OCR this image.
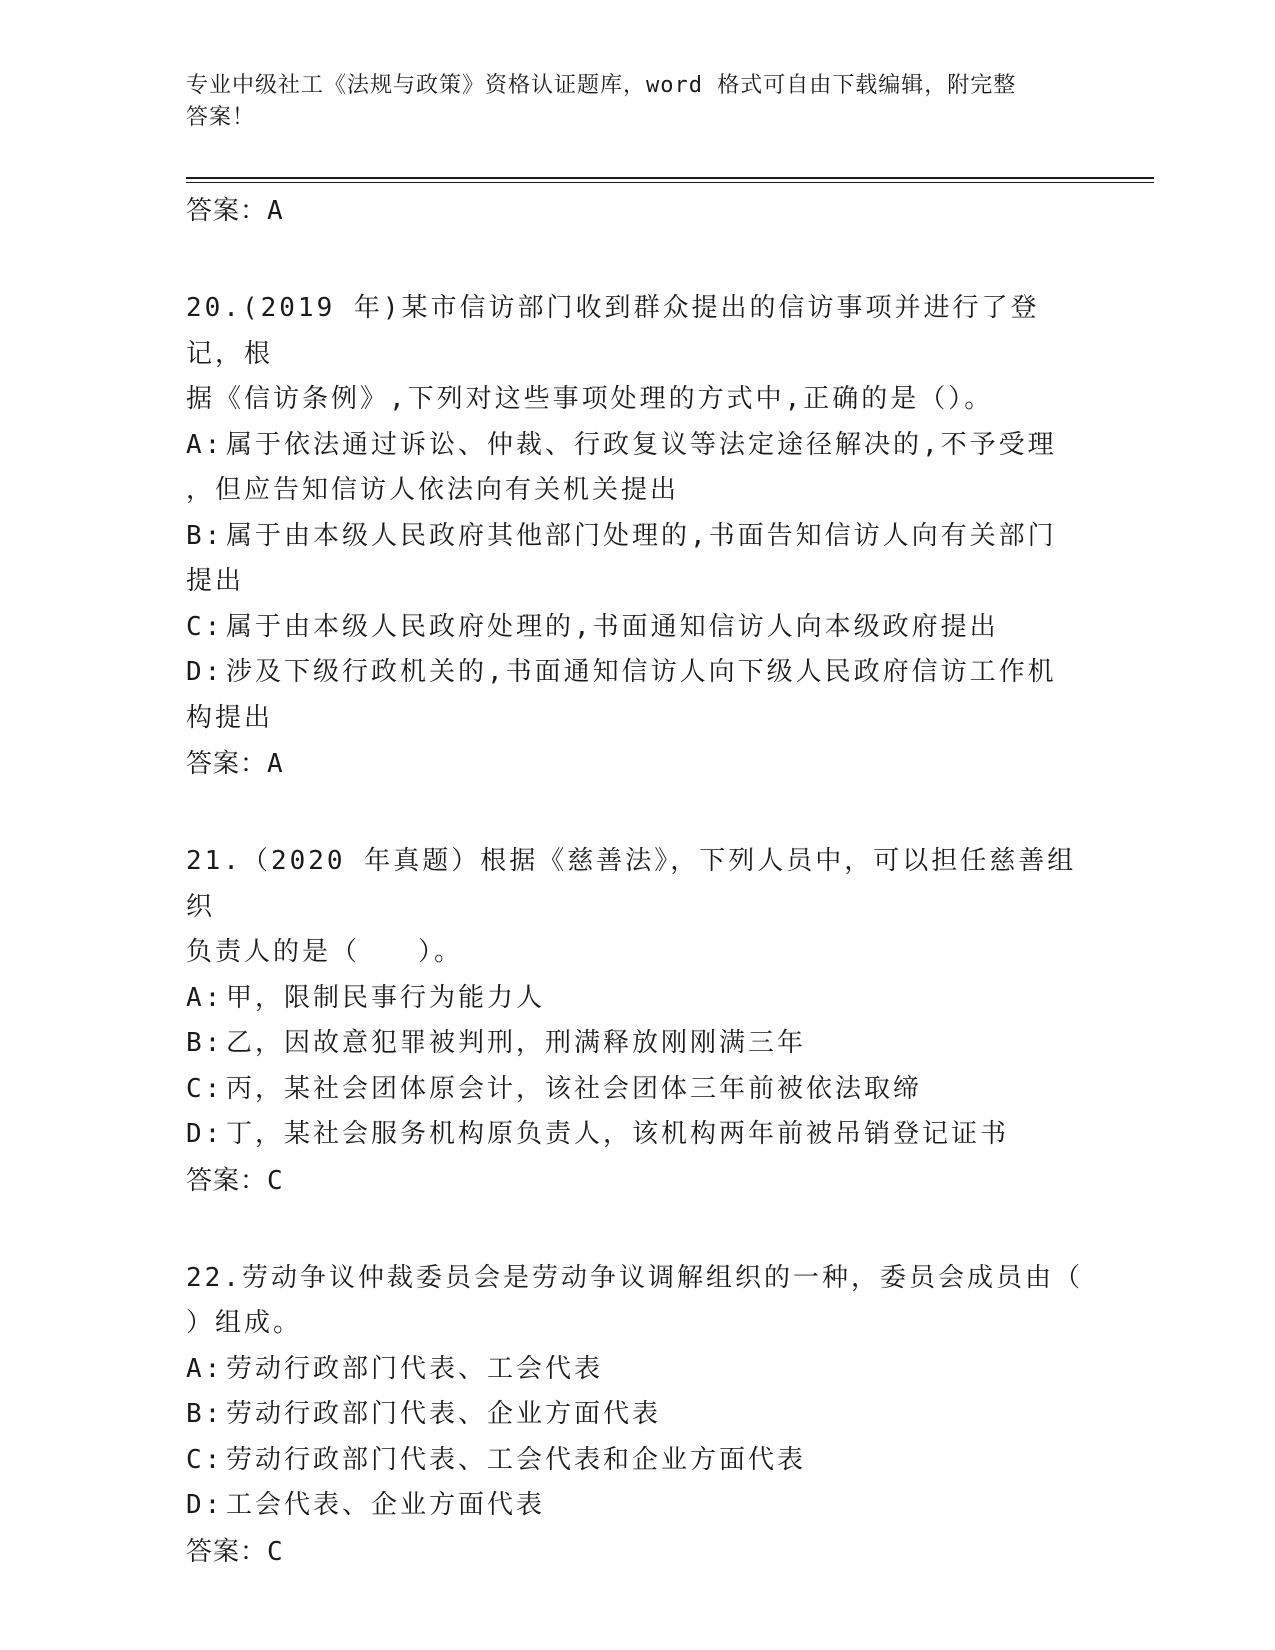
专业中级社工《法规与政策》资格认证题库，word 格式可自由下载编辑，附完整
答案！
答案：A

20.(2019 年)某市信访部门收到群众提出的信访事项并进行了登记，根

据《信访条例》,下列对这些事项处理的方式中,正确的是（）。

A: 属于依法通过诉讼、仲裁、行政复议等法定途径解决的,不予受理

，但应告知信访人依法向有关机关提出

B: 属于由本级人民政府其他部门处理的,书面告知信访人向有关部门

提出

C: 属于由本级人民政府处理的,书面通知信访人向本级政府提出

D: 涉及下级行政机关的,书面通知信访人向下级人民政府信访工作机

构提出

答案：A

21.（2020 年真题）根据《慈善法》，下列人员中，可以担任慈善组织

负责人的是（　　）。

A: 甲，限制民事行为能力人

B: 乙，因故意犯罪被判刑，刑满释放刚刚满三年

C: 丙，某社会团体原会计，该社会团体三年前被依法取缔

D: 丁，某社会服务机构原负责人，该机构两年前被吊销登记证书

答案：C

22.劳动争议仲裁委员会是劳动争议调解组织的一种，委员会成员由（

）组成。

A: 劳动行政部门代表、工会代表

B: 劳动行政部门代表、企业方面代表

C: 劳动行政部门代表、工会代表和企业方面代表

D: 工会代表、企业方面代表

答案：C
